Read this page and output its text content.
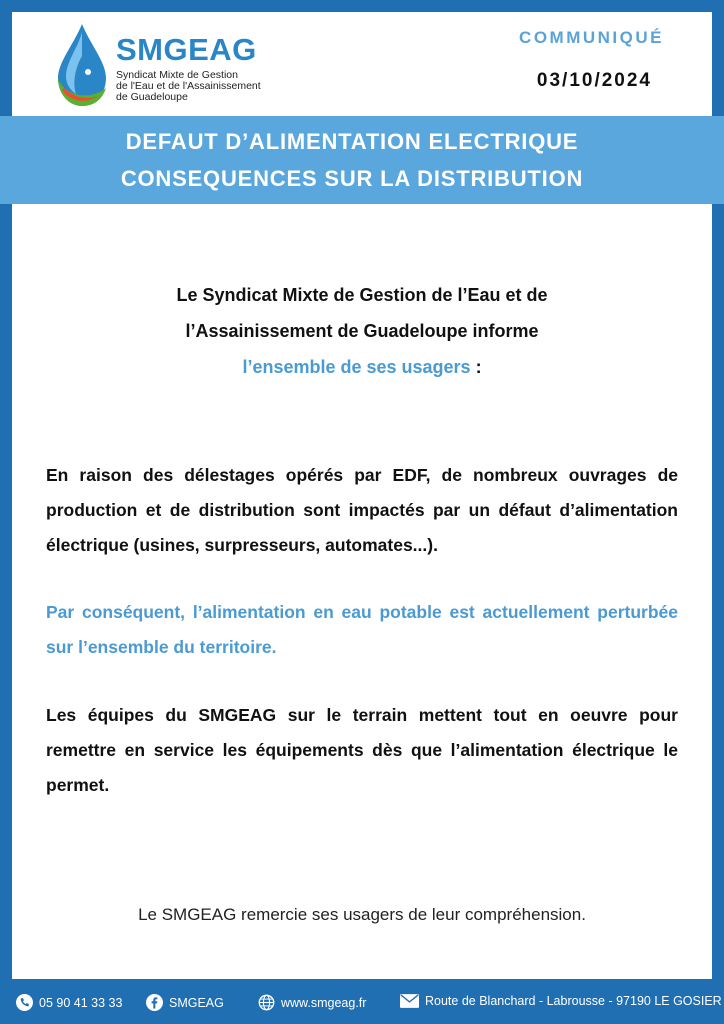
SMGEAG
Syndicat Mixte de Gestion
de l'Eau et de l'Assainissement
de Guadeloupe
COMMUNIQUÉ
03/10/2024
DEFAUT D’ALIMENTATION ELECTRIQUE
CONSEQUENCES SUR LA DISTRIBUTION
Le Syndicat Mixte de Gestion de l’Eau et de
l’Assainissement de Guadeloupe informe
l’ensemble de ses usagers :
En raison des délestages opérés par EDF, de nombreux ouvrages de production et de distribution sont impactés par un défaut d’alimentation électrique (usines, surpresseurs, automates...).
Par conséquent, l’alimentation en eau potable est actuellement perturbée sur l’ensemble du territoire.
Les équipes du SMGEAG sur le terrain mettent tout en oeuvre pour remettre en service les équipements dès que l’alimentation électrique le permet.
Le SMGEAG remercie ses usagers de leur compréhension.
05 90 41 33 33	SMGEAG	www.smgeag.fr	Route de Blanchard - Labrousse - 97190 LE GOSIER
